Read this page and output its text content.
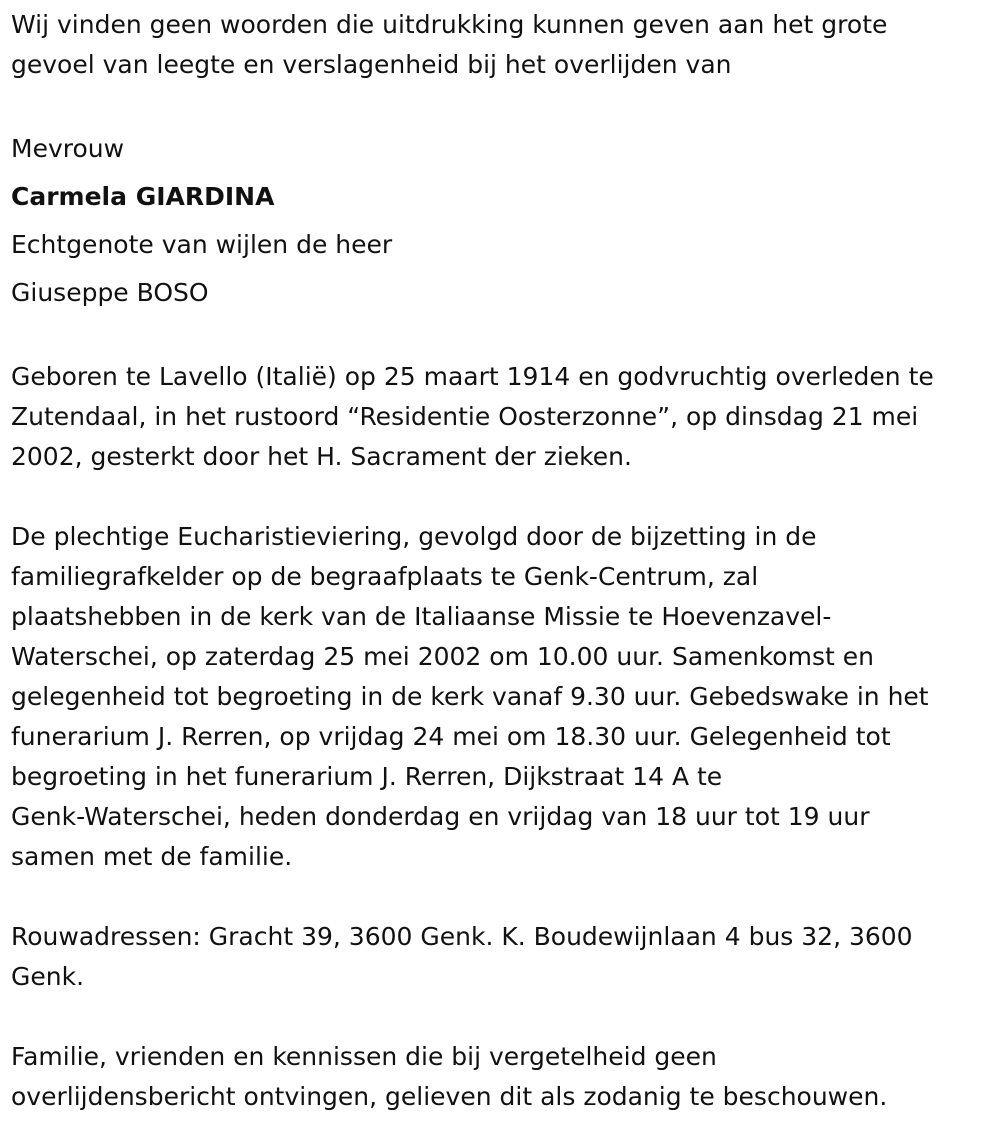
Wij vinden geen woorden die uitdrukking kunnen geven aan het grote
gevoel van leegte en verslagenheid bij het overlijden van

Mevrouw

Carmela GIARDINA

Echtgenote van wijlen de heer

Giuseppe BOSO

Geboren te Lavello (Italië) op 25 maart 1914 en godvruchtig overleden te
Zutendaal, in het rustoord “Residentie Oosterzonne”, op dinsdag 21 mei
2002, gesterkt door het H. Sacrament der zieken.

De plechtige Eucharistieviering, gevolgd door de bijzetting in de
familiegrafkelder op de begraafplaats te Genk-Centrum, zal
plaatshebben in de kerk van de Italiaanse Missie te Hoevenzavel-
Waterschei, op zaterdag 25 mei 2002 om 10.00 uur. Samenkomst en
gelegenheid tot begroeting in de kerk vanaf 9.30 uur. Gebedswake in het
funerarium J. Rerren, op vrijdag 24 mei om 18.30 uur. Gelegenheid tot
begroeting in het funerarium J. Rerren, Dijkstraat 14 A te
Genk-Waterschei, heden donderdag en vrijdag van 18 uur tot 19 uur
samen met de familie.

Rouwadressen: Gracht 39, 3600 Genk. K. Boudewijnlaan 4 bus 32, 3600
Genk.

Familie, vrienden en kennissen die bij vergetelheid geen
overlijdensbericht ontvingen, gelieven dit als zodanig te beschouwen.
